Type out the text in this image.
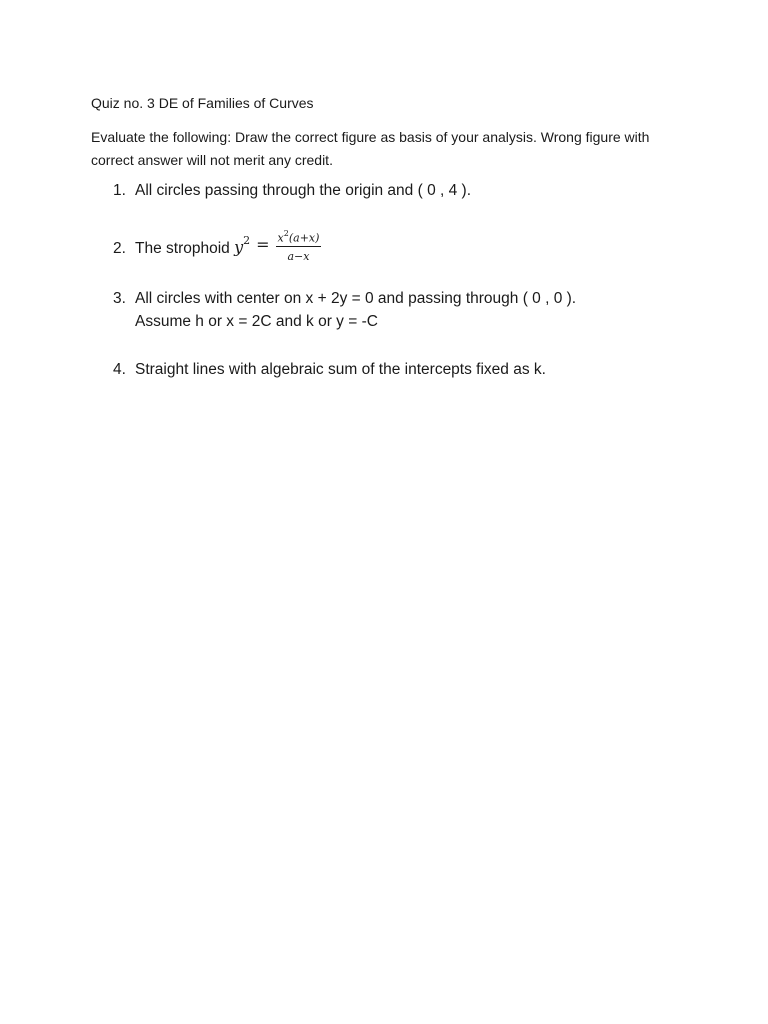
Quiz no. 3 DE of Families of Curves
Evaluate the following: Draw the correct figure as basis of your analysis. Wrong figure with correct answer will not merit any credit.
1. All circles passing through the origin and ( 0 , 4 ).
2. The strophoid $y^2 = \frac{x^2(a+x)}{a-x}$
3. All circles with center on x + 2y = 0 and passing through ( 0 , 0 ).
Assume h or x = 2C and k or y = -C
4. Straight lines with algebraic sum of the intercepts fixed as k.
